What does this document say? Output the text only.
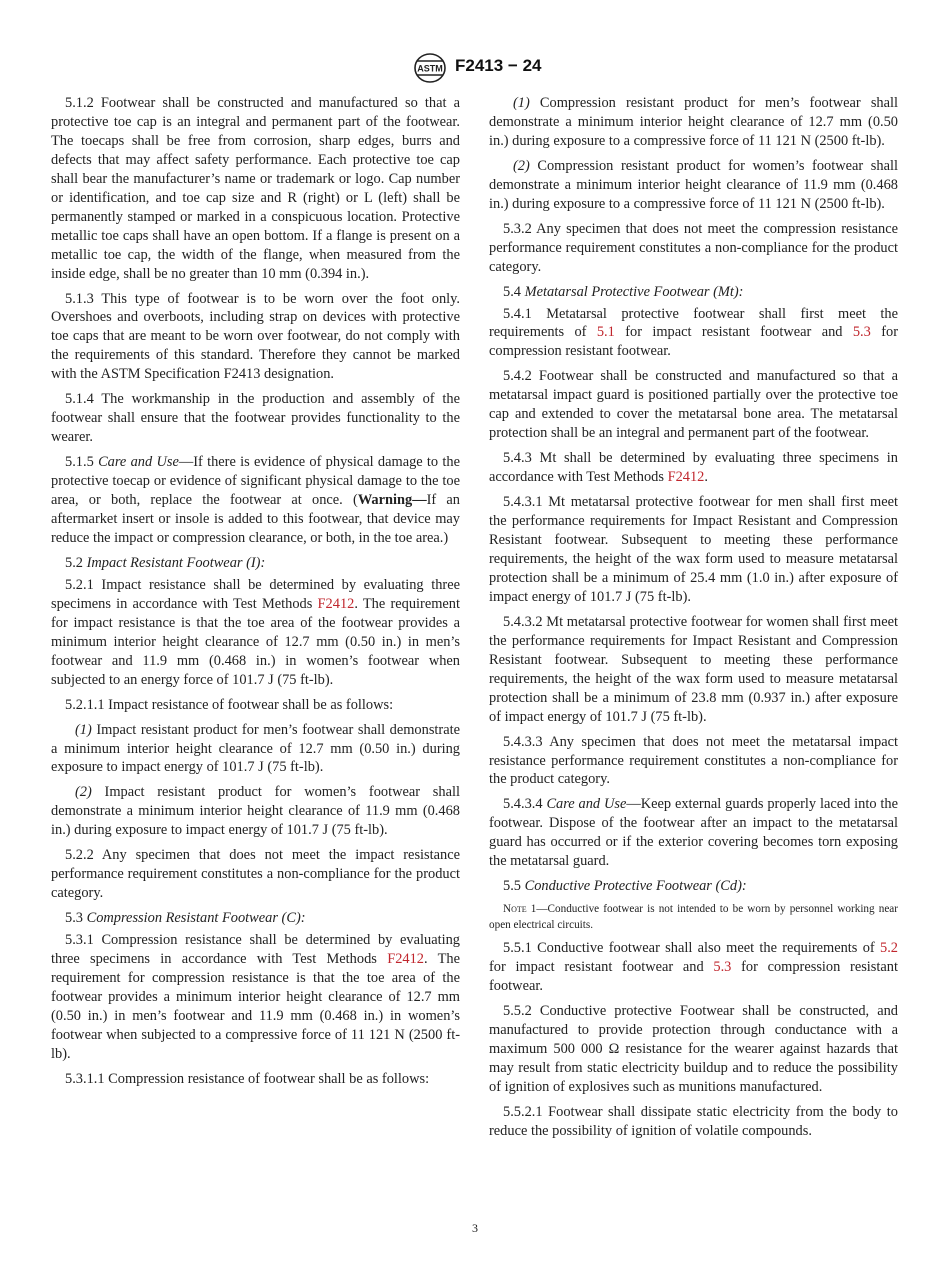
ASTM F2413 − 24

5.1.2 Footwear shall be constructed and manufactured so that a protective toe cap is an integral and permanent part of the footwear. The toecaps shall be free from corrosion, sharp edges, burrs and defects that may affect safety performance. Each protective toe cap shall bear the manufacturer’s name or trademark or logo. Cap number or identification, and toe cap size and R (right) or L (left) shall be permanently stamped or marked in a conspicuous location. Protective metallic toe caps shall have an open bottom. If a flange is present on a metallic toe cap, the width of the flange, when measured from the inside edge, shall be no greater than 10 mm (0.394 in.).

5.1.3 This type of footwear is to be worn over the foot only. Overshoes and overboots, including strap on devices with protective toe caps that are meant to be worn over footwear, do not comply with the requirements of this standard. Therefore they cannot be marked with the ASTM Specification F2413 designation.

5.1.4 The workmanship in the production and assembly of the footwear shall ensure that the footwear provides functionality to the wearer.

5.1.5 Care and Use—If there is evidence of physical damage to the protective toecap or evidence of significant physical damage to the toe area, or both, replace the footwear at once. (Warning—If an aftermarket insert or insole is added to this footwear, that device may reduce the impact or compression clearance, or both, in the toe area.)

5.2 Impact Resistant Footwear (I):

5.2.1 Impact resistance shall be determined by evaluating three specimens in accordance with Test Methods F2412. The requirement for impact resistance is that the toe area of the footwear provides a minimum interior height clearance of 12.7 mm (0.50 in.) in men’s footwear and 11.9 mm (0.468 in.) in women’s footwear when subjected to an energy force of 101.7 J (75 ft-lb).

5.2.1.1 Impact resistance of footwear shall be as follows:

(1) Impact resistant product for men’s footwear shall demonstrate a minimum interior height clearance of 12.7 mm (0.50 in.) during exposure to impact energy of 101.7 J (75 ft-lb).

(2) Impact resistant product for women’s footwear shall demonstrate a minimum interior height clearance of 11.9 mm (0.468 in.) during exposure to impact energy of 101.7 J (75 ft-lb).

5.2.2 Any specimen that does not meet the impact resistance performance requirement constitutes a non-compliance for the product category.

5.3 Compression Resistant Footwear (C):

5.3.1 Compression resistance shall be determined by evaluating three specimens in accordance with Test Methods F2412. The requirement for compression resistance is that the toe area of the footwear provides a minimum interior height clearance of 12.7 mm (0.50 in.) in men’s footwear and 11.9 mm (0.468 in.) in women’s footwear when subjected to a compressive force of 11 121 N (2500 ft-lb).

5.3.1.1 Compression resistance of footwear shall be as follows:

(1) Compression resistant product for men’s footwear shall demonstrate a minimum interior height clearance of 12.7 mm (0.50 in.) during exposure to a compressive force of 11 121 N (2500 ft-lb).

(2) Compression resistant product for women’s footwear shall demonstrate a minimum interior height clearance of 11.9 mm (0.468 in.) during exposure to a compressive force of 11 121 N (2500 ft-lb).

5.3.2 Any specimen that does not meet the compression resistance performance requirement constitutes a non-compliance for the product category.

5.4 Metatarsal Protective Footwear (Mt):

5.4.1 Metatarsal protective footwear shall first meet the requirements of 5.1 for impact resistant footwear and 5.3 for compression resistant footwear.

5.4.2 Footwear shall be constructed and manufactured so that a metatarsal impact guard is positioned partially over the protective toe cap and extended to cover the metatarsal bone area. The metatarsal protection shall be an integral and permanent part of the footwear.

5.4.3 Mt shall be determined by evaluating three specimens in accordance with Test Methods F2412.

5.4.3.1 Mt metatarsal protective footwear for men shall first meet the performance requirements for Impact Resistant and Compression Resistant footwear. Subsequent to meeting these performance requirements, the height of the wax form used to measure metatarsal protection shall be a minimum of 25.4 mm (1.0 in.) after exposure of impact energy of 101.7 J (75 ft-lb).

5.4.3.2 Mt metatarsal protective footwear for women shall first meet the performance requirements for Impact Resistant and Compression Resistant footwear. Subsequent to meeting these performance requirements, the height of the wax form used to measure metatarsal protection shall be a minimum of 23.8 mm (0.937 in.) after exposure of impact energy of 101.7 J (75 ft-lb).

5.4.3.3 Any specimen that does not meet the metatarsal impact resistance performance requirement constitutes a non-compliance for the product category.

5.4.3.4 Care and Use—Keep external guards properly laced into the footwear. Dispose of the footwear after an impact to the metatarsal guard has occurred or if the exterior covering becomes torn exposing the metatarsal guard.

5.5 Conductive Protective Footwear (Cd):

Note 1—Conductive footwear is not intended to be worn by personnel working near open electrical circuits.

5.5.1 Conductive footwear shall also meet the requirements of 5.2 for impact resistant footwear and 5.3 for compression resistant footwear.

5.5.2 Conductive protective Footwear shall be constructed, and manufactured to provide protection through conductance with a maximum 500 000 Ω resistance for the wearer against hazards that may result from static electricity buildup and to reduce the possibility of ignition of explosives such as munitions manufactured.

5.5.2.1 Footwear shall dissipate static electricity from the body to reduce the possibility of ignition of volatile compounds.

3
